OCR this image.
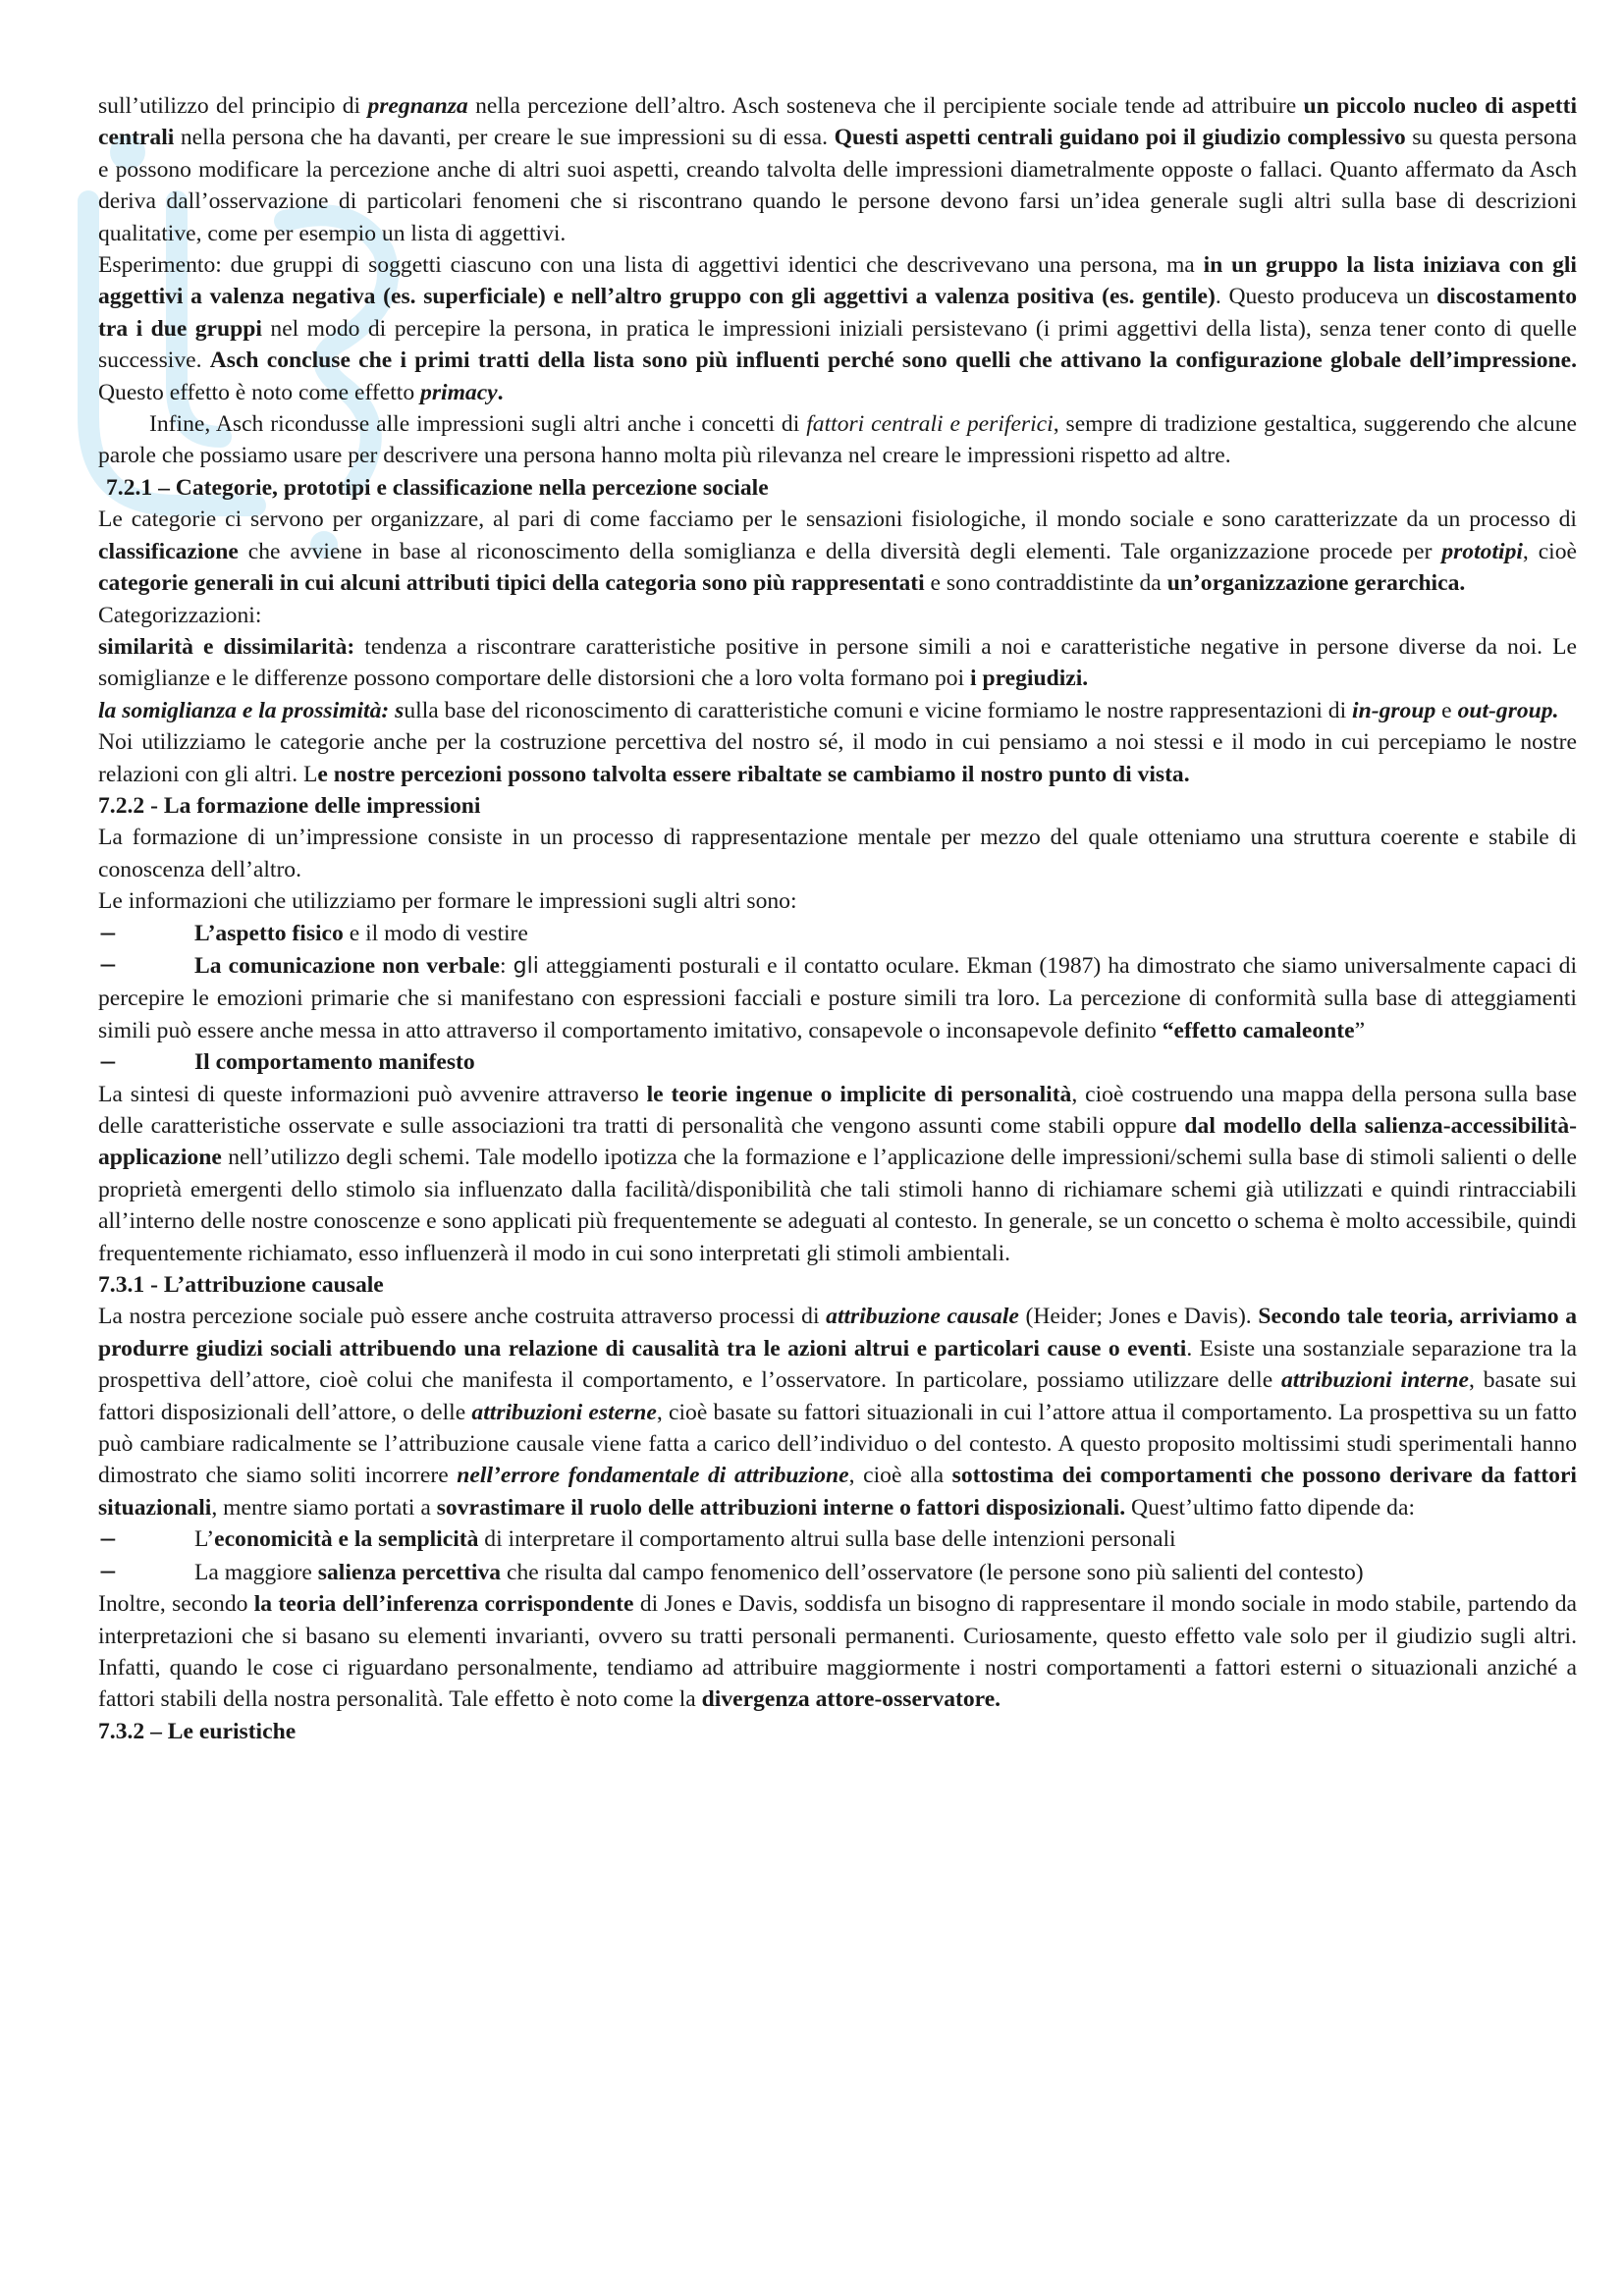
sull’utilizzo del principio di pregnanza nella percezione dell’altro. Asch sosteneva che il percipiente sociale tende ad attribuire un piccolo nucleo di aspetti centrali nella persona che ha davanti, per creare le sue impressioni su di essa. Questi aspetti centrali guidano poi il giudizio complessivo su questa persona e possono modificare la percezione anche di altri suoi aspetti, creando talvolta delle impressioni diametralmente opposte o fallaci. Quanto affermato da Asch deriva dall’osservazione di particolari fenomeni che si riscontrano quando le persone devono farsi un’idea generale sugli altri sulla base di descrizioni qualitative, come per esempio un lista di aggettivi.

Esperimento: due gruppi di soggetti ciascuno con una lista di aggettivi identici che descrivevano una persona, ma in un gruppo la lista iniziava con gli aggettivi a valenza negativa (es. superficiale) e nell’altro gruppo con gli aggettivi a valenza positiva (es. gentile). Questo produceva un discostamento tra i due gruppi nel modo di percepire la persona, in pratica le impressioni iniziali persistevano (i primi aggettivi della lista), senza tener conto di quelle successive. Asch concluse che i primi tratti della lista sono più influenti perché sono quelli che attivano la configurazione globale dell’impressione. Questo effetto è noto come effetto primacy.

Infine, Asch ricondusse alle impressioni sugli altri anche i concetti di fattori centrali e periferici, sempre di tradizione gestaltica, suggerendo che alcune parole che possiamo usare per descrivere una persona hanno molta più rilevanza nel creare le impressioni rispetto ad altre.

7.2.1 – Categorie, prototipi e classificazione nella percezione sociale

Le categorie ci servono per organizzare, al pari di come facciamo per le sensazioni fisiologiche, il mondo sociale e sono caratterizzate da un processo di classificazione che avviene in base al riconoscimento della somiglianza e della diversità degli elementi. Tale organizzazione procede per prototipi, cioè categorie generali in cui alcuni attributi tipici della categoria sono più rappresentati e sono contraddistinte da un’organizzazione gerarchica.

Categorizzazioni:

similarità e dissimilarità: tendenza a riscontrare caratteristiche positive in persone simili a noi e caratteristiche negative in persone diverse da noi. Le somiglianze e le differenze possono comportare delle distorsioni che a loro volta formano poi i pregiudizi.

la somiglianza e la prossimità: sulla base del riconoscimento di caratteristiche comuni e vicine formiamo le nostre rappresentazioni di in-group e out-group.

Noi utilizziamo le categorie anche per la costruzione percettiva del nostro sé, il modo in cui pensiamo a noi stessi e il modo in cui percepiamo le nostre relazioni con gli altri. Le nostre percezioni possono talvolta essere ribaltate se cambiamo il nostro punto di vista.

7.2.2 - La formazione delle impressioni

La formazione di un’impressione consiste in un processo di rappresentazione mentale per mezzo del quale otteniamo una struttura coerente e stabile di conoscenza dell’altro.

Le informazioni che utilizziamo per formare le impressioni sugli altri sono:

−	L’aspetto fisico e il modo di vestire
−	La comunicazione non verbale: gli atteggiamenti posturali e il contatto oculare. Ekman (1987) ha dimostrato che siamo universalmente capaci di percepire le emozioni primarie che si manifestano con espressioni facciali e posture simili tra loro. La percezione di conformità sulla base di atteggiamenti simili può essere anche messa in atto attraverso il comportamento imitativo, consapevole o inconsapevole definito “effetto camaleonte”
−	Il comportamento manifesto

La sintesi di queste informazioni può avvenire attraverso le teorie ingenue o implicite di personalità, cioè costruendo una mappa della persona sulla base delle caratteristiche osservate e sulle associazioni tra tratti di personalità che vengono assunti come stabili oppure dal modello della salienza-accessibilità-applicazione nell’utilizzo degli schemi. Tale modello ipotizza che la formazione e l’applicazione delle impressioni/schemi sulla base di stimoli salienti o delle proprietà emergenti dello stimolo sia influenzato dalla facilità/disponibilità che tali stimoli hanno di richiamare schemi già utilizzati e quindi rintracciabili all’interno delle nostre conoscenze e sono applicati più frequentemente se adeguati al contesto. In generale, se un concetto o schema è molto accessibile, quindi frequentemente richiamato, esso influenzerà il modo in cui sono interpretati gli stimoli ambientali.

7.3.1 - L’attribuzione causale

La nostra percezione sociale può essere anche costruita attraverso processi di attribuzione causale (Heider; Jones e Davis). Secondo tale teoria, arriviamo a produrre giudizi sociali attribuendo una relazione di causalità tra le azioni altrui e particolari cause o eventi. Esiste una sostanziale separazione tra la prospettiva dell’attore, cioè colui che manifesta il comportamento, e l’osservatore. In particolare, possiamo utilizzare delle attribuzioni interne, basate sui fattori disposizionali dell’attore, o delle attribuzioni esterne, cioè basate su fattori situazionali in cui l’attore attua il comportamento. La prospettiva su un fatto può cambiare radicalmente se l’attribuzione causale viene fatta a carico dell’individuo o del contesto. A questo proposito moltissimi studi sperimentali hanno dimostrato che siamo soliti incorrere nell’errore fondamentale di attribuzione, cioè alla sottostima dei comportamenti che possono derivare da fattori situazionali, mentre siamo portati a sovrastimare il ruolo delle attribuzioni interne o fattori disposizionali. Quest’ultimo fatto dipende da:

−	L’economicità e la semplicità di interpretare il comportamento altrui sulla base delle intenzioni personali
−	La maggiore salienza percettiva che risulta dal campo fenomenico dell’osservatore (le persone sono più salienti del contesto)

Inoltre, secondo la teoria dell’inferenza corrispondente di Jones e Davis, soddisfa un bisogno di rappresentare il mondo sociale in modo stabile, partendo da interpretazioni che si basano su elementi invarianti, ovvero su tratti personali permanenti. Curiosamente, questo effetto vale solo per il giudizio sugli altri. Infatti, quando le cose ci riguardano personalmente, tendiamo ad attribuire maggiormente i nostri comportamenti a fattori esterni o situazionali anziché a fattori stabili della nostra personalità. Tale effetto è noto come la divergenza attore-osservatore.

7.3.2 – Le euristiche
